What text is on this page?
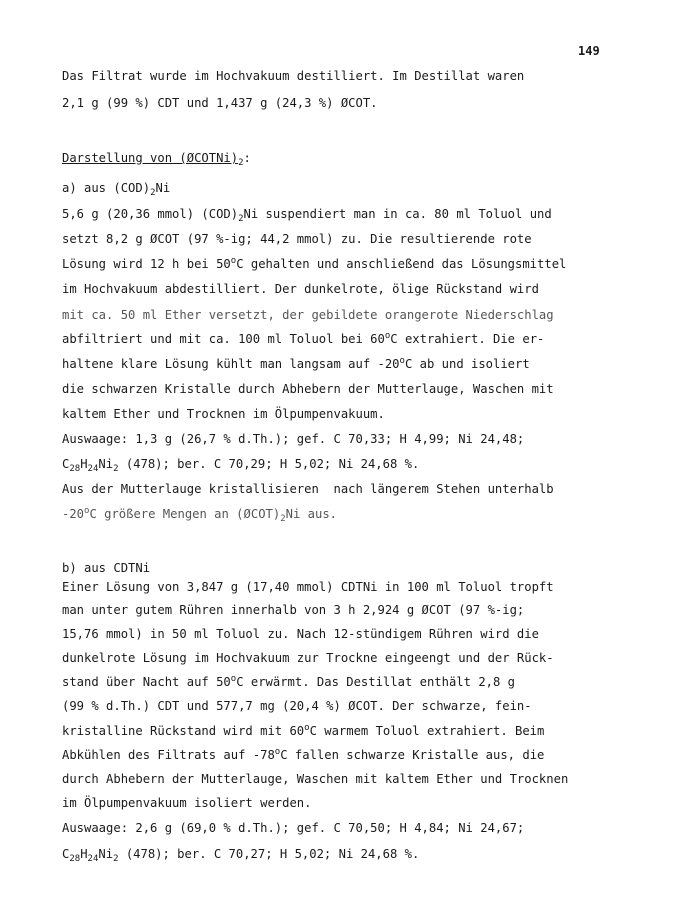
149
Das Filtrat wurde im Hochvakuum destilliert. Im Destillat waren
2,1 g (99 %) CDT und 1,437 g (24,3 %) ØCOT.
Darstellung von $(ØCOTNi)_2$:
a) aus $(COD)_2Ni$
5,6 g (20,36 mmol) $(COD)_2Ni$ suspendiert man in ca. 80 ml Toluol und
setzt 8,2 g ØCOT (97 %-ig; 44,2 mmol) zu. Die resultierende rote
Lösung wird 12 h bei 50$^o$C gehalten und anschließend das Lösungsmittel
im Hochvakuum abdestilliert. Der dunkelrote, ölige Rückstand wird
mit ca. 50 ml Ether versetzt, der gebildete orangerote Niederschlag
abfiltriert und mit ca. 100 ml Toluol bei 60$^o$C extrahiert. Die er-
haltene klare Lösung kühlt man langsam auf -20$^o$C ab und isoliert
die schwarzen Kristalle durch Abhebern der Mutterlauge, Waschen mit
kaltem Ether und Trocknen im Ölpumpenvakuum.
Auswaage: 1,3 g (26,7 % d.Th.); gef. C 70,33; H 4,99; Ni 24,48;
$C_{28}H_{24}Ni_2$ (478); ber. C 70,29; H 5,02; Ni 24,68 %.
Aus der Mutterlauge kristallisieren  nach längerem Stehen unterhalb
-20$^o$C größere Mengen an $(ØCOT)_2Ni$ aus.
b) aus CDTNi
Einer Lösung von 3,847 g (17,40 mmol) CDTNi in 100 ml Toluol tropft
man unter gutem Rühren innerhalb von 3 h 2,924 g ØCOT (97 %-ig;
15,76 mmol) in 50 ml Toluol zu. Nach 12-stündigem Rühren wird die
dunkelrote Lösung im Hochvakuum zur Trockne eingeengt und der Rück-
stand über Nacht auf 50$^o$C erwärmt. Das Destillat enthält 2,8 g
(99 % d.Th.) CDT und 577,7 mg (20,4 %) ØCOT. Der schwarze, fein-
kristalline Rückstand wird mit 60$^o$C warmem Toluol extrahiert. Beim
Abkühlen des Filtrats auf -78$^o$C fallen schwarze Kristalle aus, die
durch Abhebern der Mutterlauge, Waschen mit kaltem Ether und Trocknen
im Ölpumpenvakuum isoliert werden.
Auswaage: 2,6 g (69,0 % d.Th.); gef. C 70,50; H 4,84; Ni 24,67;
$C_{28}H_{24}Ni_2$ (478); ber. C 70,27; H 5,02; Ni 24,68 %.
